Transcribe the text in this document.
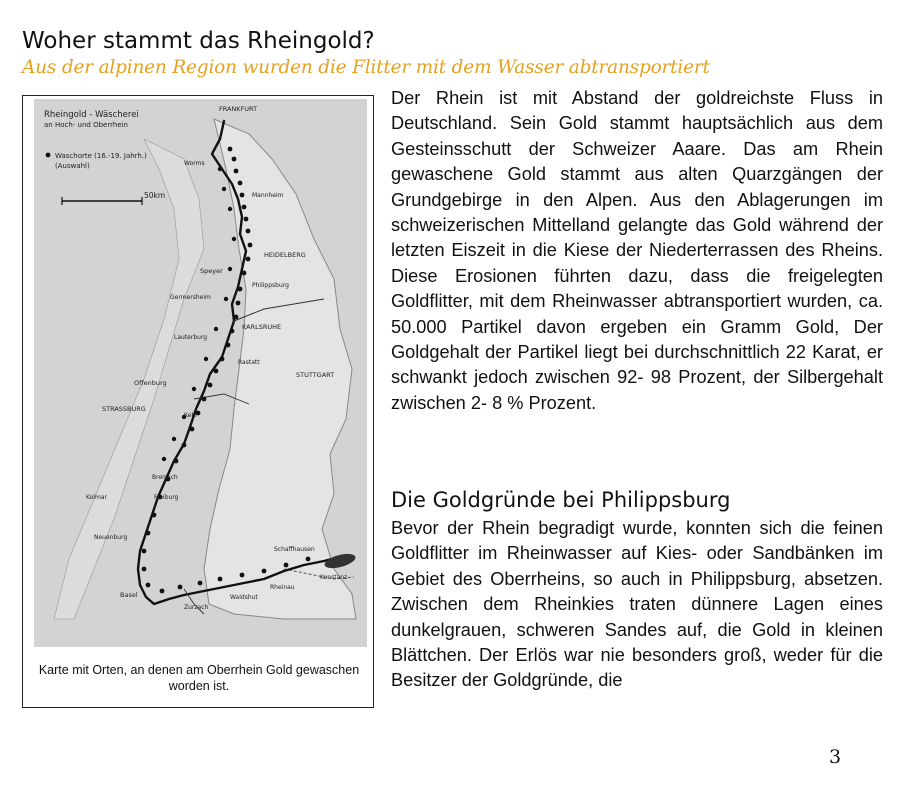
Woher stammt das Rheingold?
Aus der alpinen Region wurden die Flitter mit dem Wasser abtransportiert
Rheingold - Wäscherei
an Hoch- und Oberrhein
Waschorte (16.-19. Jahrh.)
(Auswahl)
50km
FRANKFURT
Worms
Mannheim
HEIDELBERG
Speyer
Philippsburg
Germersheim
KARLSRUHE
Lauterburg
Rastatt
STUTTGART
Offenburg
Kehl
STRASSBURG
Freiburg
Kolmar
Breisach
Neuenburg
Basel
Zurzach
Waldshut
Rheinau
Schaffhausen
Konstanz
Karte mit Orten, an denen am Oberrhein Gold gewaschen worden ist.

Der Rhein ist mit Abstand der goldreichste Fluss in Deutschland. Sein Gold stammt hauptsächlich aus dem Gesteinsschutt der Schweizer Aaare. Das am Rhein gewaschene Gold stammt aus alten Quarzgängen der Grundgebirge in den Alpen. Aus den Ablagerungen im schweizerischen Mittelland gelangte das Gold während der letzten Eiszeit in die Kiese der Niederterrassen des Rheins. Diese Erosionen führten dazu, dass die freigelegten Goldflitter, mit dem Rheinwasser abtransportiert wurden, ca. 50.000 Partikel davon ergeben ein Gramm Gold, Der Goldgehalt der Partikel liegt bei durchschnittlich 22 Karat, er schwankt jedoch zwischen 92- 98 Prozent, der Silbergehalt zwischen 2- 8 % Prozent.

Die Goldgründe bei Philippsburg

Bevor der Rhein begradigt wurde, konnten sich die feinen Goldflitter im Rheinwasser auf Kies- oder Sandbänken im Gebiet des Oberrheins, so auch in Philippsburg, absetzen. Zwischen dem Rheinkies traten dünnere Lagen eines dunkelgrauen, schweren Sandes auf, die Gold in kleinen Blättchen. Der Erlös war nie besonders groß, weder für die Besitzer der Goldgründe, die

3
